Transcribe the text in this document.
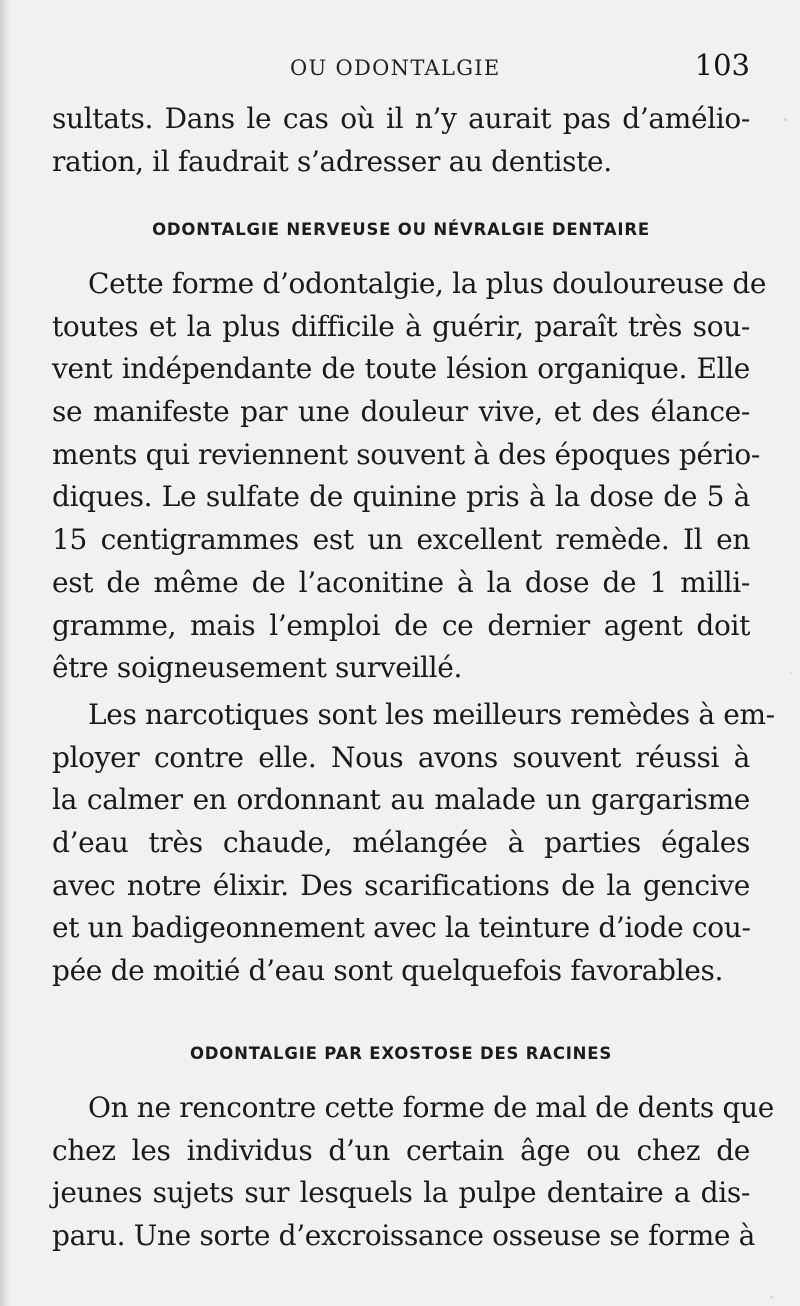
OU ODONTALGIE	103
sultats. Dans le cas où il n’y aurait pas d’amélio-
ration, il faudrait s’adresser au dentiste.
ODONTALGIE NERVEUSE OU NÉVRALGIE DENTAIRE
Cette forme d’odontalgie, la plus douloureuse de
toutes et la plus difficile à guérir, paraît très sou-
vent indépendante de toute lésion organique. Elle
se manifeste par une douleur vive, et des élance-
ments qui reviennent souvent à des époques pério-
diques. Le sulfate de quinine pris à la dose de 5 à
15 centigrammes est un excellent remède. Il en
est de même de l’aconitine à la dose de 1 milli-
gramme, mais l’emploi de ce dernier agent doit
être soigneusement surveillé.
Les narcotiques sont les meilleurs remèdes à em-
ployer contre elle. Nous avons souvent réussi à
la calmer en ordonnant au malade un gargarisme
d’eau très chaude, mélangée à parties égales
avec notre élixir. Des scarifications de la gencive
et un badigeonnement avec la teinture d’iode cou-
pée de moitié d’eau sont quelquefois favorables.
ODONTALGIE PAR EXOSTOSE DES RACINES
On ne rencontre cette forme de mal de dents que
chez les individus d’un certain âge ou chez de
jeunes sujets sur lesquels la pulpe dentaire a dis-
paru. Une sorte d’excroissance osseuse se forme à
